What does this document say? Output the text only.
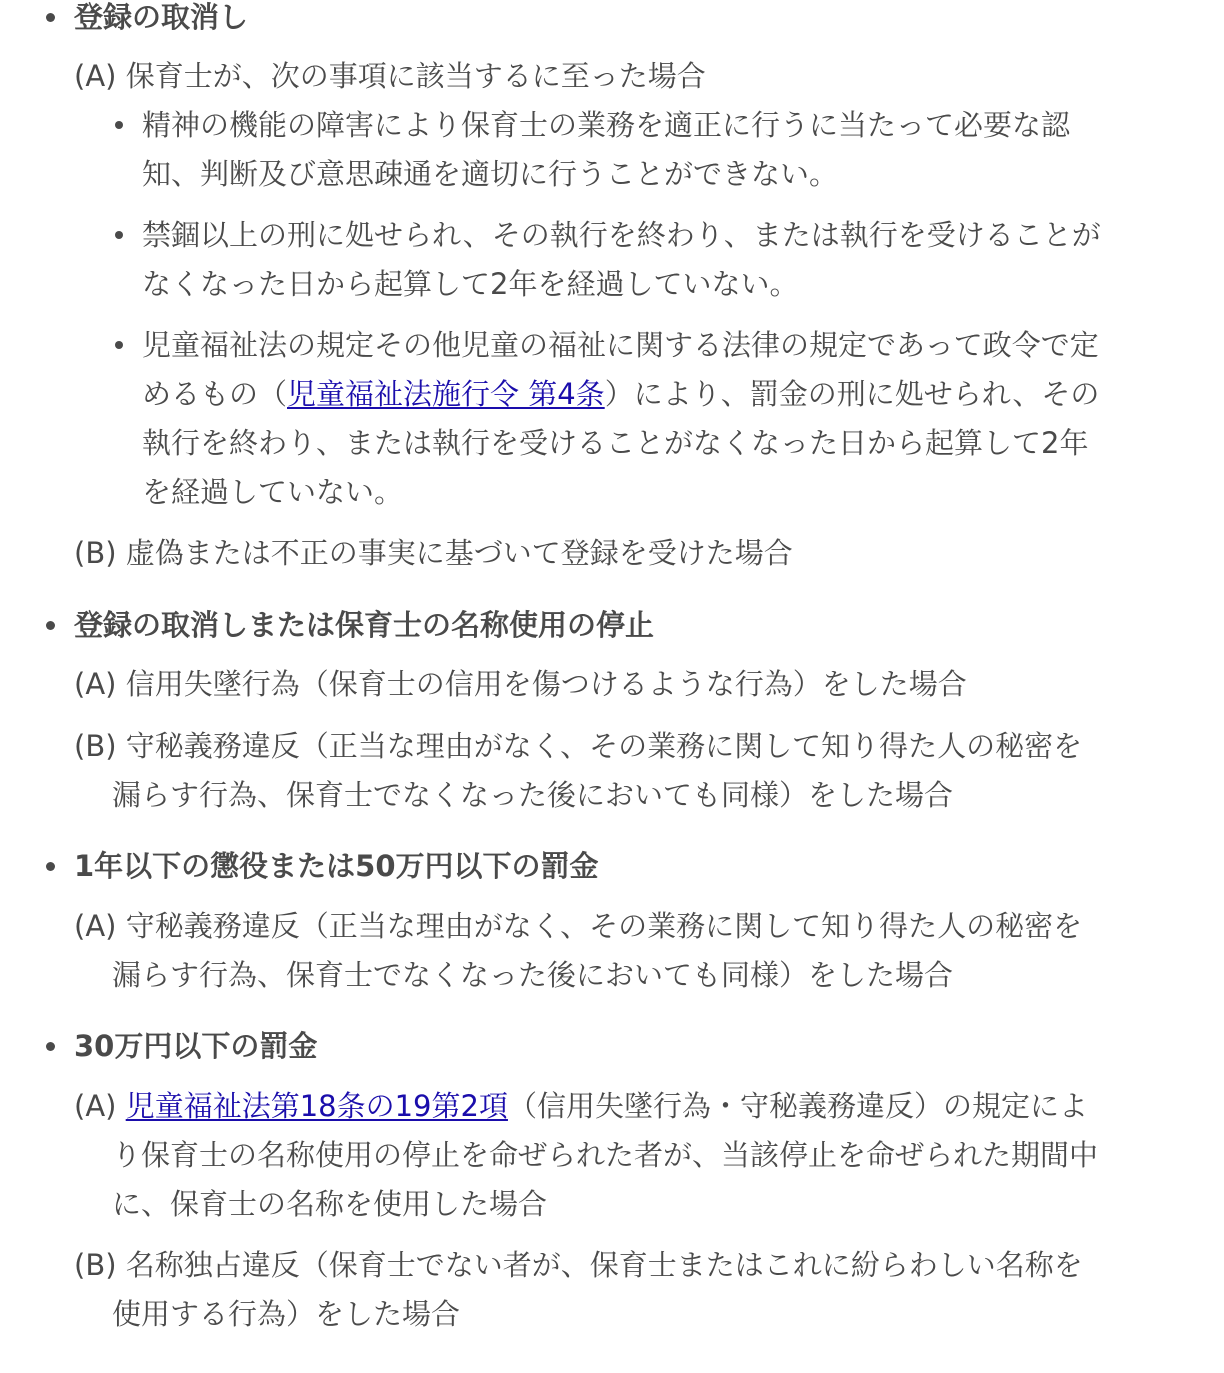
登録の取消し

(A) 保育士が、次の事項に該当するに至った場合

精神の機能の障害により保育士の業務を適正に行うに当たって必要な認
知、判断及び意思疎通を適切に行うことができない。
禁錮以上の刑に処せられ、その執行を終わり、または執行を受けることが
なくなった日から起算して2年を経過していない。
児童福祉法の規定その他児童の福祉に関する法律の規定であって政令で定
めるもの（児童福祉法施行令 第4条）により、罰金の刑に処せられ、その
執行を終わり、または執行を受けることがなくなった日から起算して2年
を経過していない。

(B) 虚偽または不正の事実に基づいて登録を受けた場合

登録の取消しまたは保育士の名称使用の停止

(A) 信用失墜行為（保育士の信用を傷つけるような行為）をした場合

(B) 守秘義務違反（正当な理由がなく、その業務に関して知り得た人の秘密を
漏らす行為、保育士でなくなった後においても同様）をした場合

1年以下の懲役または50万円以下の罰金

(A) 守秘義務違反（正当な理由がなく、その業務に関して知り得た人の秘密を
漏らす行為、保育士でなくなった後においても同様）をした場合

30万円以下の罰金

(A) 児童福祉法第18条の19第2項（信用失墜行為・守秘義務違反）の規定によ
り保育士の名称使用の停止を命ぜられた者が、当該停止を命ぜられた期間中
に、保育士の名称を使用した場合

(B) 名称独占違反（保育士でない者が、保育士またはこれに紛らわしい名称を
使用する行為）をした場合
